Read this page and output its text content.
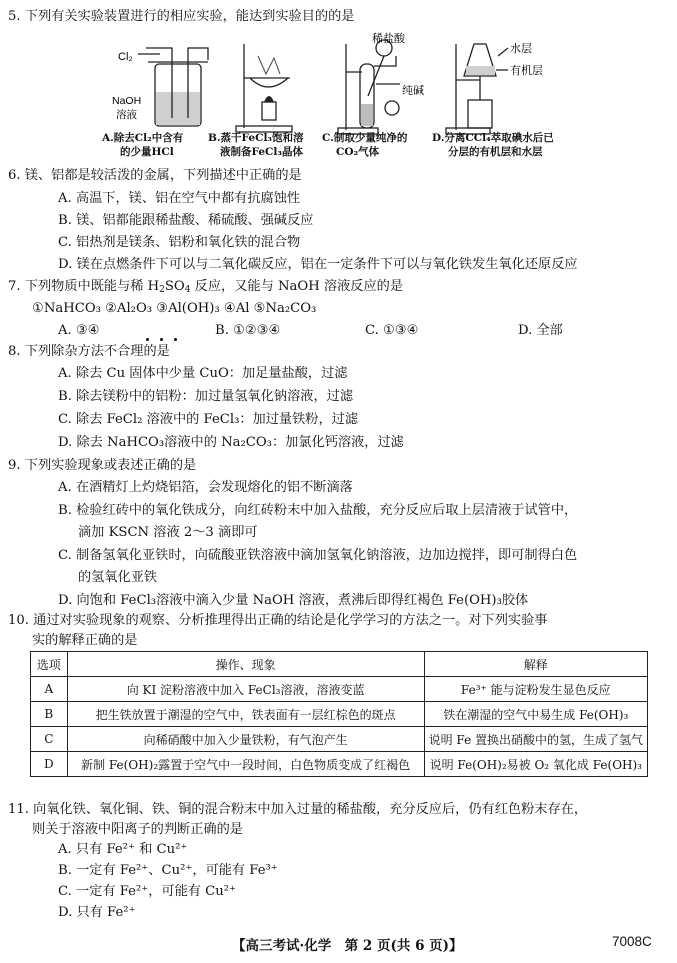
5. 下列有关实验装置进行的相应实验，能达到实验目的的是
Cl₂
NaOH
溶液
稀盐酸
纯碱
水层
有机层
A.除去Cl₂中含有
的少量HCl
B.蒸干FeCl₃饱和溶
液制备FeCl₃晶体
C.制取少量纯净的
CO₂气体
D.分离CCl₄萃取碘水后已
分层的有机层和水层
6. 镁、铝都是较活泼的金属，下列描述中正确的是
A. 高温下，镁、铝在空气中都有抗腐蚀性
B. 镁、铝都能跟稀盐酸、稀硫酸、强碱反应
C. 铝热剂是镁条、铝粉和氧化铁的混合物
D. 镁在点燃条件下可以与二氧化碳反应，铝在一定条件下可以与氧化铁发生氧化还原反应
7. 下列物质中既能与稀 $H_2SO_4$ 反应，又能与 NaOH 溶液反应的是
①NaHCO₃ ②Al₂O₃ ③Al(OH)₃ ④Al ⑤Na₂CO₃
A. ③④	B. ①②③④	C. ①③④	D. 全部
8. 下列除杂方法不合理的是
A. 除去 Cu 固体中少量 CuO：加足量盐酸，过滤
B. 除去镁粉中的铝粉：加过量氢氧化钠溶液，过滤
C. 除去 FeCl₂ 溶液中的 FeCl₃：加过量铁粉，过滤
D. 除去 NaHCO₃溶液中的 Na₂CO₃：加氯化钙溶液，过滤
9. 下列实验现象或表述正确的是
A. 在酒精灯上灼烧铝箔，会发现熔化的铝不断滴落
B. 检验红砖中的氧化铁成分，向红砖粉末中加入盐酸，充分反应后取上层清液于试管中，
滴加 KSCN 溶液 2～3 滴即可
C. 制备氢氧化亚铁时，向硫酸亚铁溶液中滴加氢氧化钠溶液，边加边搅拌，即可制得白色
的氢氧化亚铁
D. 向饱和 FeCl₃溶液中滴入少量 NaOH 溶液，煮沸后即得红褐色 Fe(OH)₃胶体
10. 通过对实验现象的观察、分析推理得出正确的结论是化学学习的方法之一。对下列实验事
实的解释正确的是
选项	操作、现象	解释
A	向 KI 淀粉溶液中加入 FeCl₃溶液，溶液变蓝	Fe³⁺ 能与淀粉发生显色反应
B	把生铁放置于潮湿的空气中，铁表面有一层红棕色的斑点	铁在潮湿的空气中易生成 Fe(OH)₃
C	向稀硝酸中加入少量铁粉，有气泡产生	说明 Fe 置换出硝酸中的氢，生成了氢气
D	新制 Fe(OH)₂露置于空气中一段时间，白色物质变成了红褐色	说明 Fe(OH)₂易被 O₂ 氧化成 Fe(OH)₃
11. 向氧化铁、氧化铜、铁、铜的混合粉末中加入过量的稀盐酸，充分反应后，仍有红色粉末存在，
则关于溶液中阳离子的判断正确的是
A. 只有 Fe²⁺ 和 Cu²⁺
B. 一定有 Fe²⁺、Cu²⁺，可能有 Fe³⁺
C. 一定有 Fe²⁺，可能有 Cu²⁺
D. 只有 Fe²⁺
【高三考试·化学　第 2 页(共 6 页)】	7008C
